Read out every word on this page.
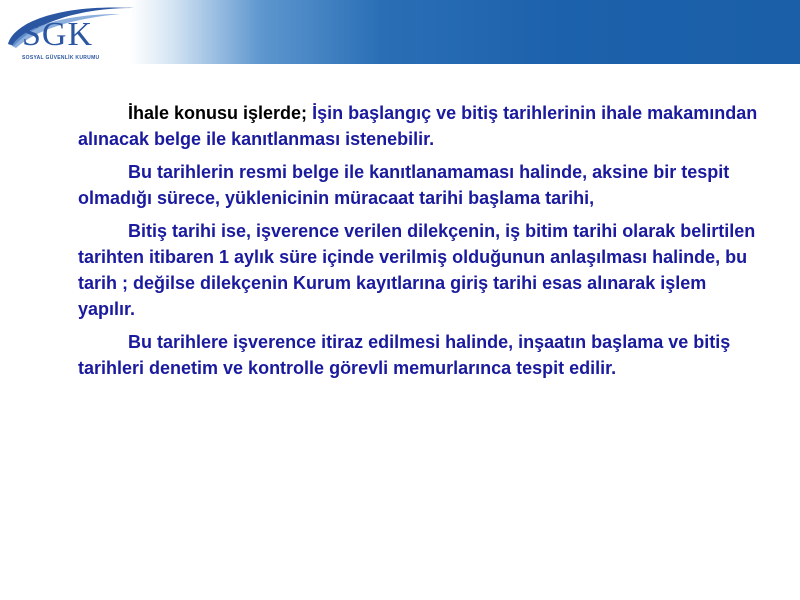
SGK
SOSYAL GÜVENLİK KURUMU

İhale konusu işlerde; İşin başlangıç ve bitiş tarihlerinin ihale makamından alınacak belge ile kanıtlanması istenebilir.

Bu tarihlerin resmi belge ile kanıtlanamaması halinde, aksine bir tespit olmadığı sürece, yüklenicinin müracaat tarihi başlama tarihi,

Bitiş tarihi ise, işverence verilen dilekçenin, iş bitim tarihi olarak belirtilen tarihten itibaren 1 aylık süre içinde verilmiş olduğunun anlaşılması halinde, bu tarih ; değilse dilekçenin Kurum kayıtlarına giriş tarihi esas alınarak işlem yapılır.

Bu tarihlere işverence itiraz edilmesi halinde, inşaatın başlama ve bitiş tarihleri denetim ve kontrolle görevli memurlarınca tespit edilir.
